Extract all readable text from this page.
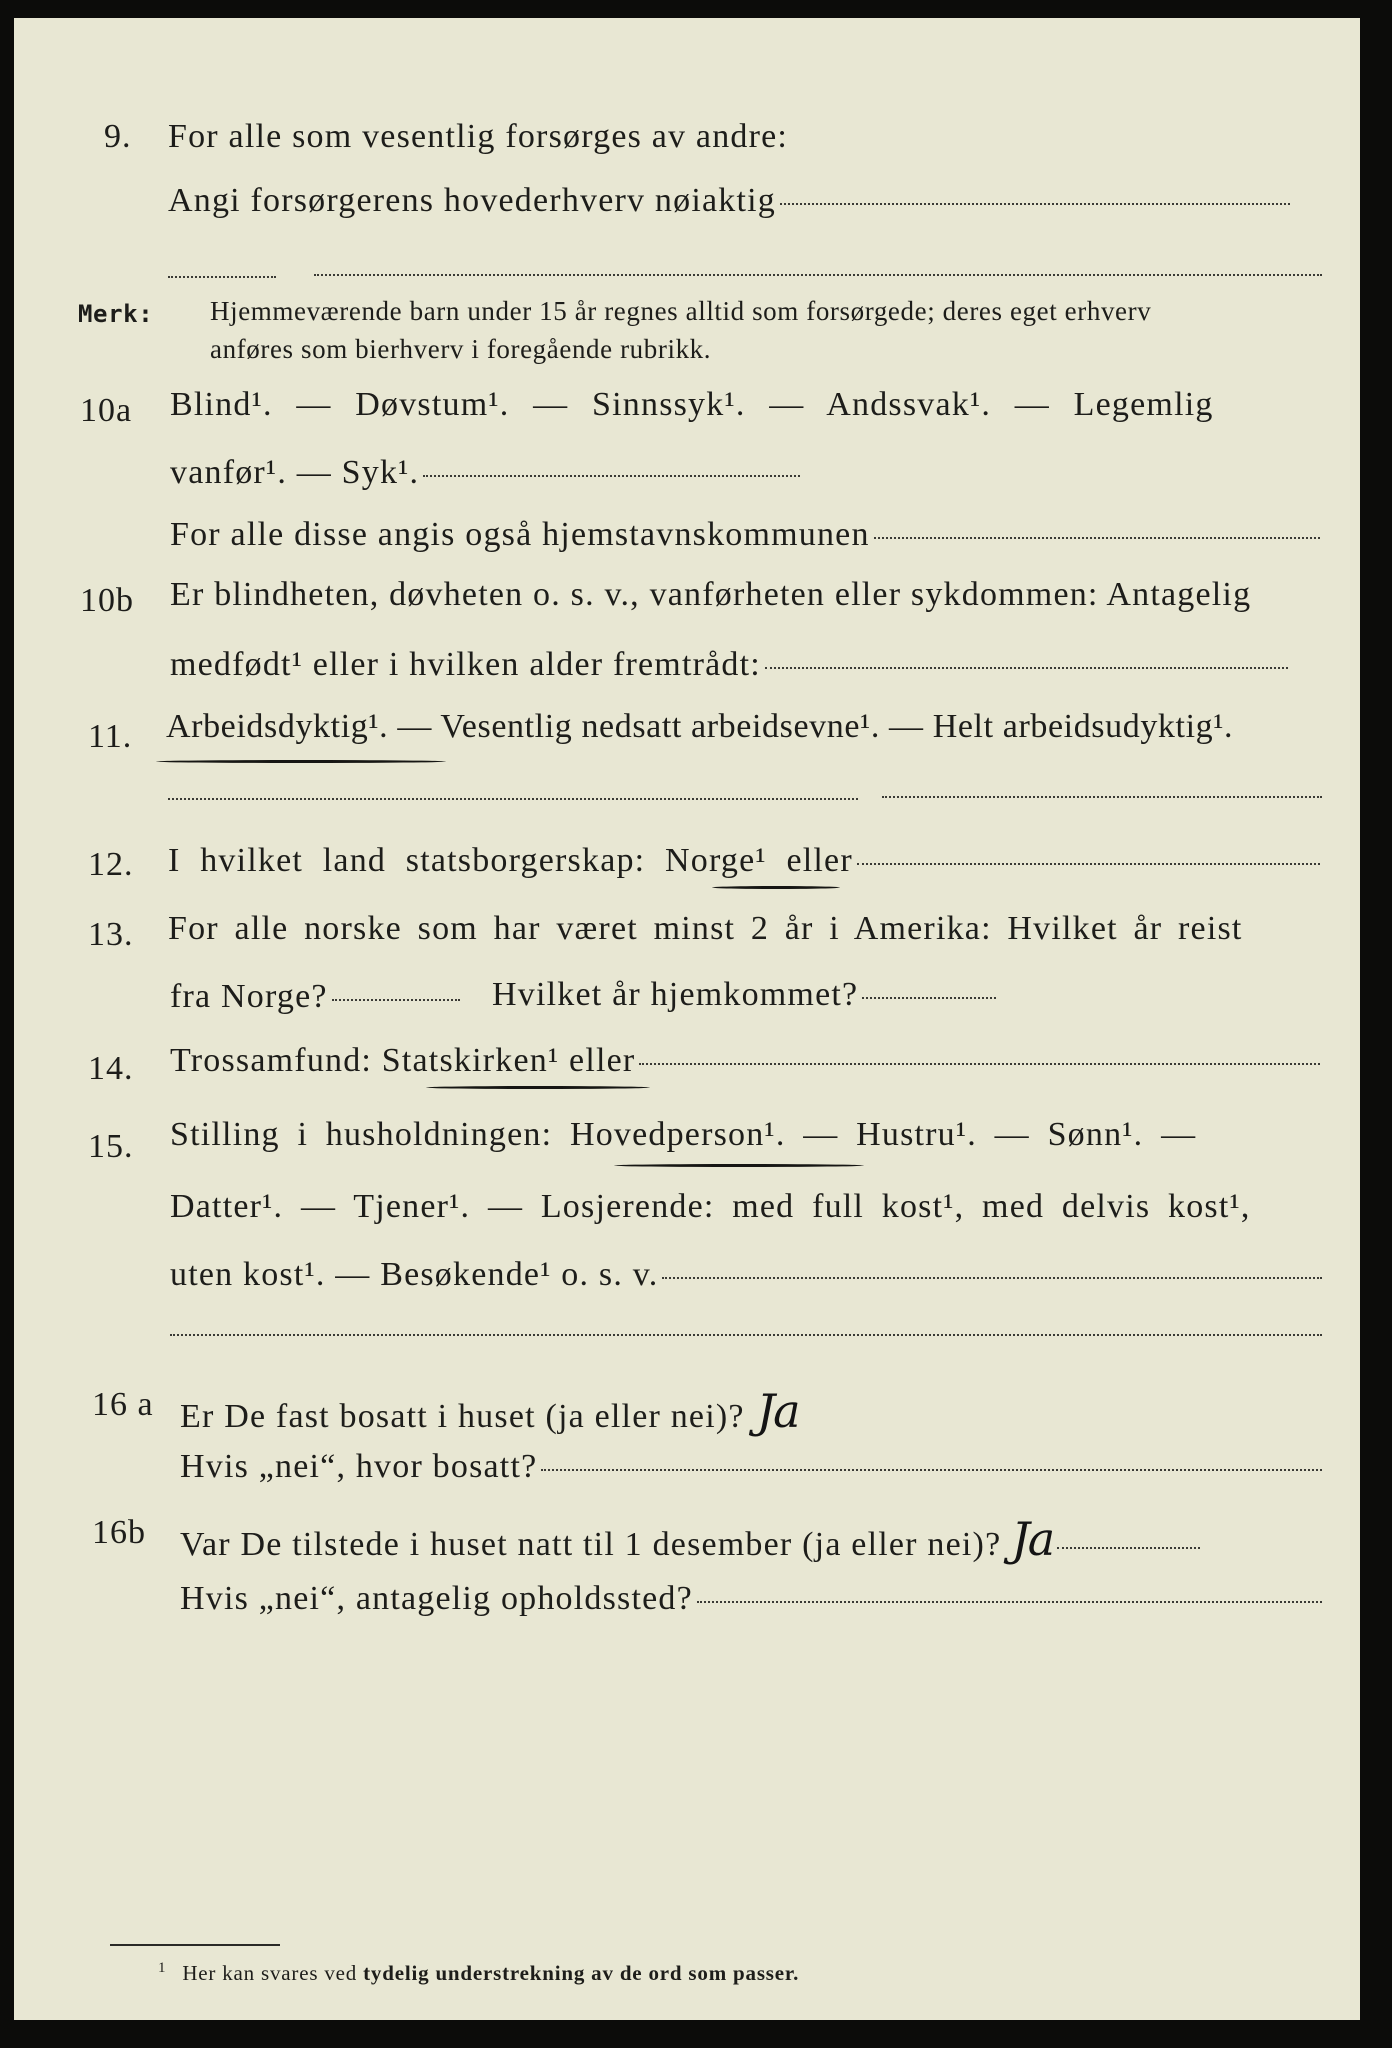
9. For alle som vesentlig forsørges av andre:
Angi forsørgerens hovederhverv nøiaktig
Merk: Hjemmeværende barn under 15 år regnes alltid som forsørgede; deres eget erhverv
anføres som bierhverv i foregående rubrikk.
10a Blind¹. — Døvstum¹. — Sinnssyk¹. — Andssvak¹. — Legemlig
vanfør¹. — Syk¹.
For alle disse angis også hjemstavnskommunen
10b Er blindheten, døvheten o. s. v., vanførheten eller sykdommen: Antagelig
medfødt¹ eller i hvilken alder fremtrådt:
11. Arbeidsdyktig¹. — Vesentlig nedsatt arbeidsevne¹. — Helt arbeidsudyktig¹.
12. I hvilket land statsborgerskap: Norge¹ eller
13. For alle norske som har været minst 2 år i Amerika: Hvilket år reist
fra Norge?	Hvilket år hjemkommet?
14. Trossamfund: Statskirken¹ eller
15. Stilling i husholdningen: Hovedperson¹. — Hustru¹. — Sønn¹. —
Datter¹. — Tjener¹. — Losjerende: med full kost¹, med delvis kost¹,
uten kost¹. — Besøkende¹ o. s. v.
16 a Er De fast bosatt i huset (ja eller nei)? Ja
Hvis „nei“, hvor bosatt?
16b Var De tilstede i huset natt til 1 desember (ja eller nei)? Ja
Hvis „nei“, antagelig opholdssted?
$^1$ Her kan svares ved tydelig understrekning av de ord som passer.
